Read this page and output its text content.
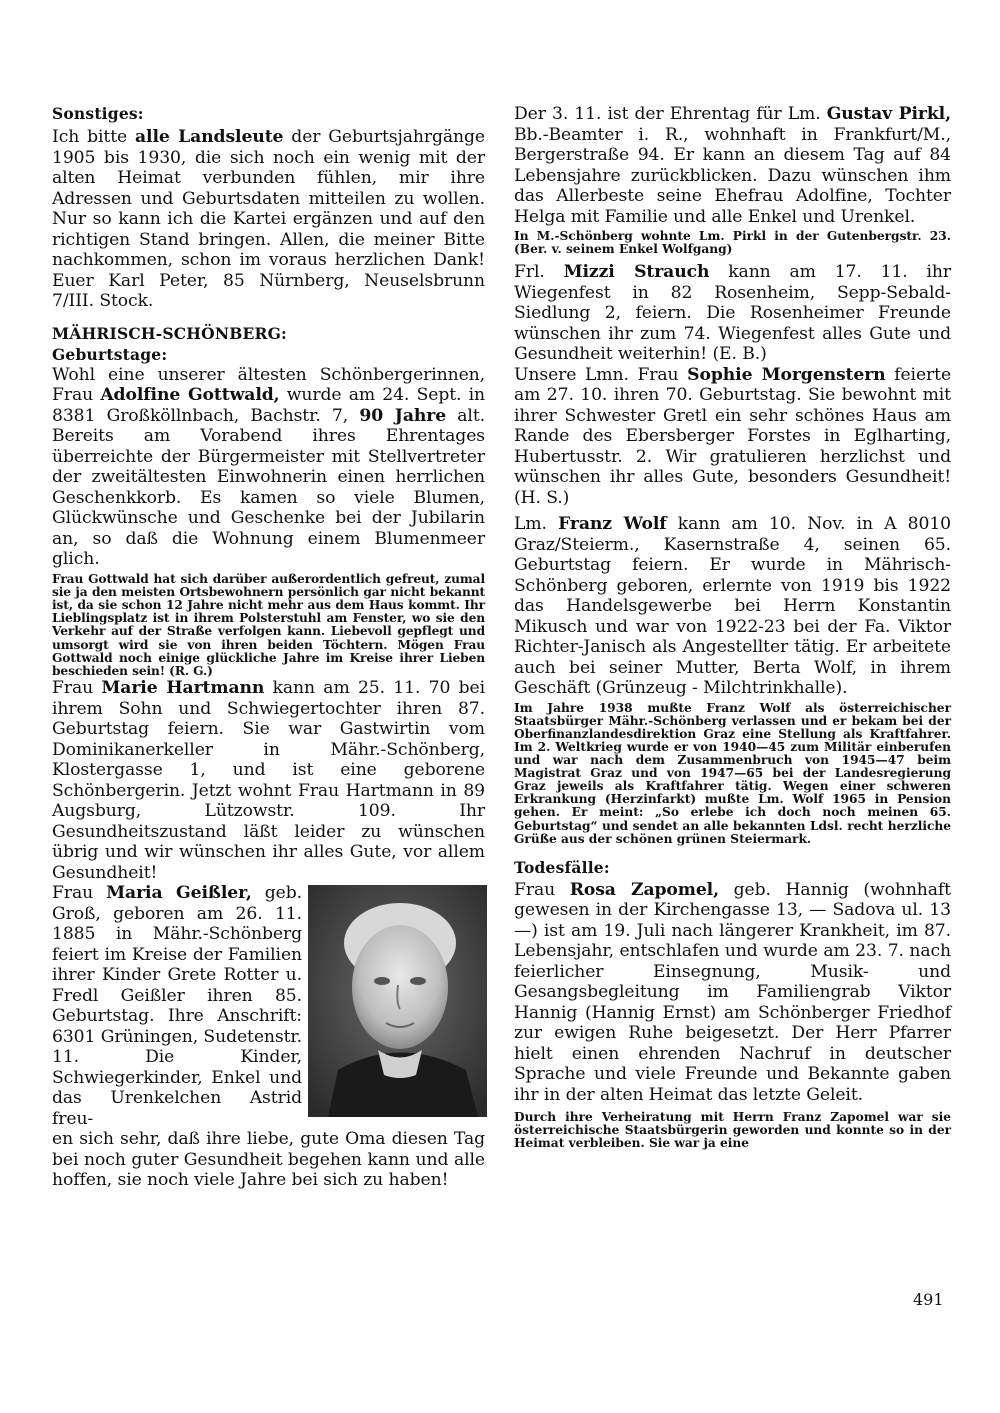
Sonstiges:

Ich bitte alle Landsleute der Geburtsjahrgänge 1905 bis 1930, die sich noch ein wenig mit der alten Heimat verbunden fühlen, mir ihre Adressen und Geburtsdaten mitteilen zu wollen. Nur so kann ich die Kartei ergänzen und auf den richtigen Stand bringen. Allen, die meiner Bitte nachkommen, schon im voraus herzlichen Dank! Euer Karl Peter, 85 Nürnberg, Neuselsbrunn 7/III. Stock.

MÄHRISCH-SCHÖNBERG:

Geburtstage:

Wohl eine unserer ältesten Schönbergerinnen, Frau Adolfine Gottwald, wurde am 24. Sept. in 8381 Großköllnbach, Bachstr. 7, 90 Jahre alt. Bereits am Vorabend ihres Ehrentages überreichte der Bürgermeister mit Stellvertreter der zweitältesten Einwohnerin einen herrlichen Geschenkkorb. Es kamen so viele Blumen, Glückwünsche und Geschenke bei der Jubilarin an, so daß die Wohnung einem Blumenmeer glich.

Frau Gottwald hat sich darüber außerordentlich gefreut, zumal sie ja den meisten Ortsbewohnern persönlich gar nicht bekannt ist, da sie schon 12 Jahre nicht mehr aus dem Haus kommt. Ihr Lieblingsplatz ist in ihrem Polsterstuhl am Fenster, wo sie den Verkehr auf der Straße verfolgen kann. Liebevoll gepflegt und umsorgt wird sie von ihren beiden Töchtern. Mögen Frau Gottwald noch einige glückliche Jahre im Kreise ihrer Lieben beschieden sein! (R. G.)

Frau Marie Hartmann kann am 25. 11. 70 bei ihrem Sohn und Schwiegertochter ihren 87. Geburtstag feiern. Sie war Gastwirtin vom Dominikanerkeller in Mähr.-Schönberg, Klostergasse 1, und ist eine geborene Schönbergerin. Jetzt wohnt Frau Hartmann in 89 Augsburg, Lützowstr. 109. Ihr Gesundheitszustand läßt leider zu wünschen übrig und wir wünschen ihr alles Gute, vor allem Gesundheit!

Frau Maria Geißler, geb. Groß, geboren am 26. 11. 1885 in Mähr.-Schönberg feiert im Kreise der Familien ihrer Kinder Grete Rotter u. Fredl Geißler ihren 85. Geburtstag. Ihre Anschrift: 6301 Grüningen, Sudetenstr. 11. Die Kinder, Schwiegerkinder, Enkel und das Urenkelchen Astrid freu-

en sich sehr, daß ihre liebe, gute Oma diesen Tag bei noch guter Gesundheit begehen kann und alle hoffen, sie noch viele Jahre bei sich zu haben!

Der 3. 11. ist der Ehrentag für Lm. Gustav Pirkl, Bb.-Beamter i. R., wohnhaft in Frankfurt/M., Bergerstraße 94. Er kann an diesem Tag auf 84 Lebensjahre zurückblicken. Dazu wünschen ihm das Allerbeste seine Ehefrau Adolfine, Tochter Helga mit Familie und alle Enkel und Urenkel.

In M.-Schönberg wohnte Lm. Pirkl in der Gutenbergstr. 23. (Ber. v. seinem Enkel Wolfgang)

Frl. Mizzi Strauch kann am 17. 11. ihr Wiegenfest in 82 Rosenheim, Sepp-Sebald-Siedlung 2, feiern. Die Rosenheimer Freunde wünschen ihr zum 74. Wiegenfest alles Gute und Gesundheit weiterhin! (E. B.)

Unsere Lmn. Frau Sophie Morgenstern feierte am 27. 10. ihren 70. Geburtstag. Sie bewohnt mit ihrer Schwester Gretl ein sehr schönes Haus am Rande des Ebersberger Forstes in Eglharting, Hubertusstr. 2. Wir gratulieren herzlichst und wünschen ihr alles Gute, besonders Gesundheit! (H. S.)

Lm. Franz Wolf kann am 10. Nov. in A 8010 Graz/Steierm., Kasernstraße 4, seinen 65. Geburtstag feiern. Er wurde in Mährisch-Schönberg geboren, erlernte von 1919 bis 1922 das Handelsgewerbe bei Herrn Konstantin Mikusch und war von 1922-23 bei der Fa. Viktor Richter-Janisch als Angestellter tätig. Er arbeitete auch bei seiner Mutter, Berta Wolf, in ihrem Geschäft (Grünzeug - Milchtrinkhalle).

Im Jahre 1938 mußte Franz Wolf als österreichischer Staatsbürger Mähr.-Schönberg verlassen und er bekam bei der Oberfinanzlandesdirektion Graz eine Stellung als Kraftfahrer. Im 2. Weltkrieg wurde er von 1940—45 zum Militär einberufen und war nach dem Zusammenbruch von 1945—47 beim Magistrat Graz und von 1947—65 bei der Landesregierung Graz jeweils als Kraftfahrer tätig. Wegen einer schweren Erkrankung (Herzinfarkt) mußte Lm. Wolf 1965 in Pension gehen. Er meint: „So erlebe ich doch noch meinen 65. Geburtstag“ und sendet an alle bekannten Ldsl. recht herzliche Grüße aus der schönen grünen Steiermark.

Todesfälle:

Frau Rosa Zapomel, geb. Hannig (wohnhaft gewesen in der Kirchengasse 13, — Sadova ul. 13 —) ist am 19. Juli nach längerer Krankheit, im 87. Lebensjahr, entschlafen und wurde am 23. 7. nach feierlicher Einsegnung, Musik- und Gesangsbegleitung im Familiengrab Viktor Hannig (Hannig Ernst) am Schönberger Friedhof zur ewigen Ruhe beigesetzt. Der Herr Pfarrer hielt einen ehrenden Nachruf in deutscher Sprache und viele Freunde und Bekannte gaben ihr in der alten Heimat das letzte Geleit.

Durch ihre Verheiratung mit Herrn Franz Zapomel war sie österreichische Staatsbürgerin geworden und konnte so in der Heimat verbleiben. Sie war ja eine

491
